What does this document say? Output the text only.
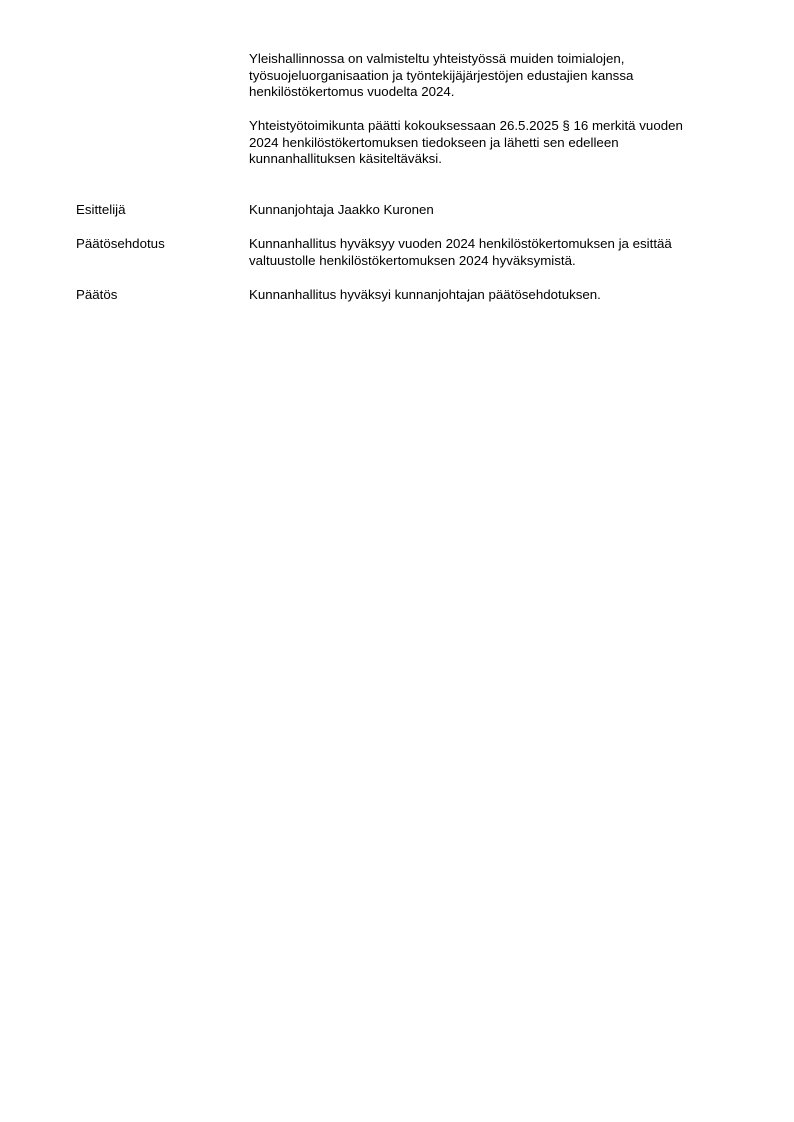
Yleishallinnossa on valmisteltu yhteistyössä muiden toimialojen,
työsuojeluorganisaation ja työntekijäjärjestöjen edustajien kanssa
henkilöstökertomus vuodelta 2024.
Yhteistyötoimikunta päätti kokouksessaan 26.5.2025 § 16 merkitä vuoden
2024 henkilöstökertomuksen tiedokseen ja lähetti sen edelleen
kunnanhallituksen käsiteltäväksi.
Esittelijä	Kunnanjohtaja Jaakko Kuronen
Päätösehdotus	Kunnanhallitus hyväksyy vuoden 2024 henkilöstökertomuksen ja esittää
valtuustolle henkilöstökertomuksen 2024 hyväksymistä.
Päätös	Kunnanhallitus hyväksyi kunnanjohtajan päätösehdotuksen.
